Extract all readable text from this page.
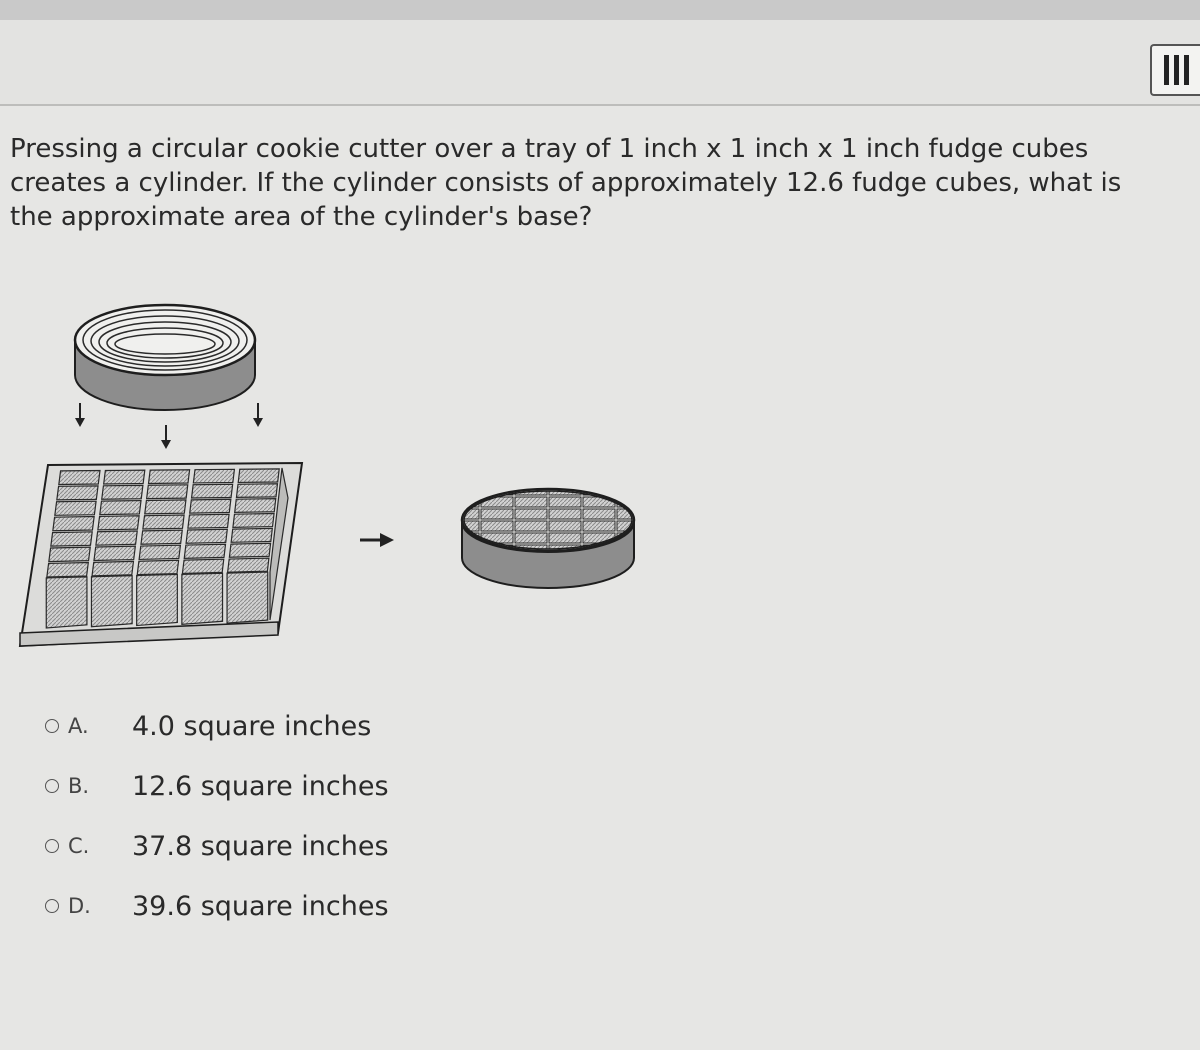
Pressing a circular cookie cutter over a tray of 1 inch x 1 inch x 1 inch fudge cubes creates a cylinder. If the cylinder consists of approximately 12.6 fudge cubes, what is the approximate area of the cylinder's base?

A.	4.0 square inches
B.	12.6 square inches
C.	37.8 square inches
D.	39.6 square inches
